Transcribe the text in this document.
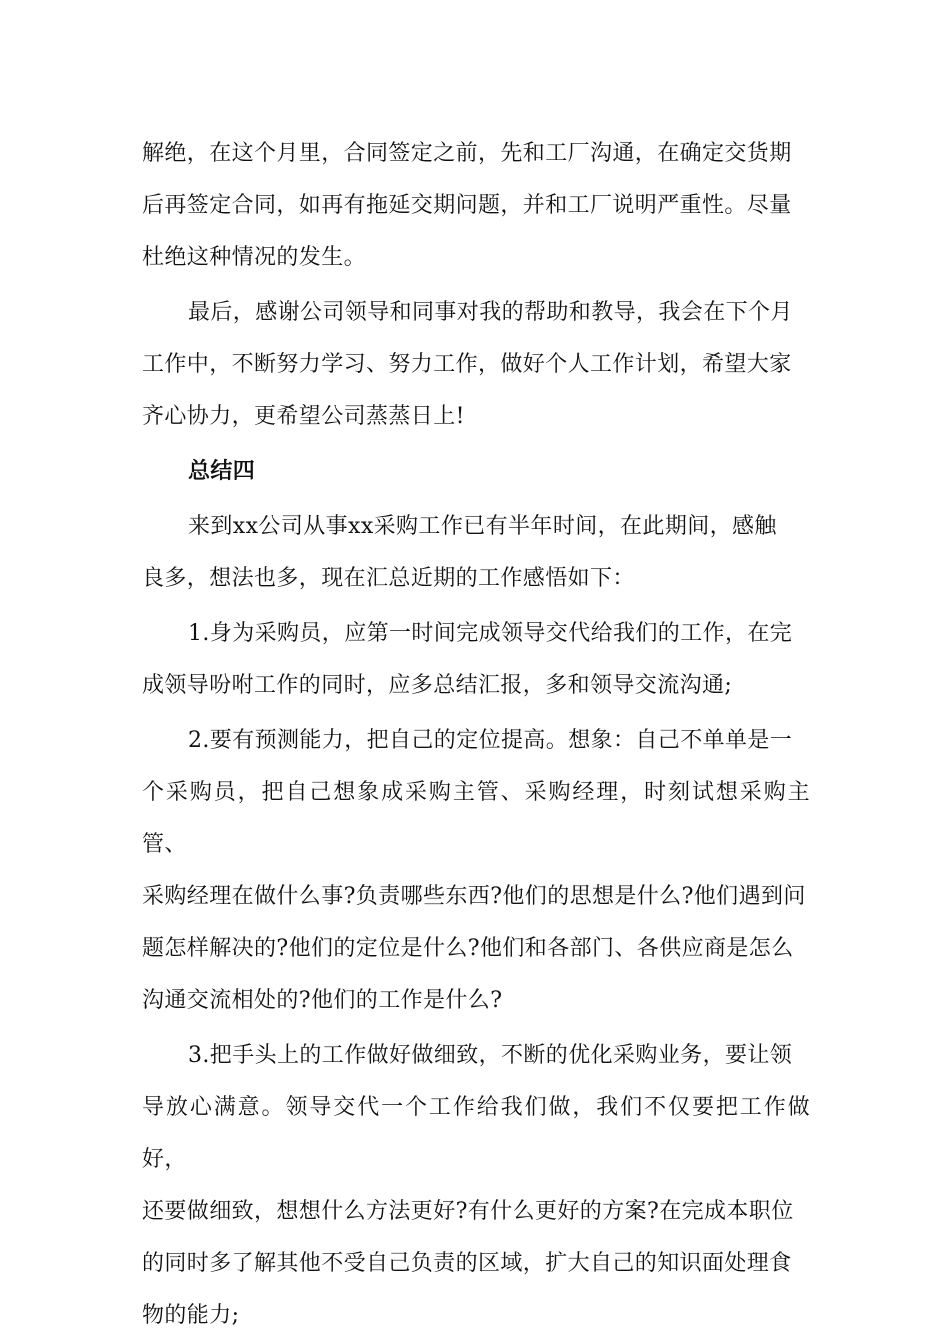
解绝，在这个月里，合同签定之前，先和工厂沟通，在确定交货期
后再签定合同，如再有拖延交期问题，并和工厂说明严重性。尽量
杜绝这种情况的发生。
最后，感谢公司领导和同事对我的帮助和教导，我会在下个月
工作中，不断努力学习、努力工作，做好个人工作计划，希望大家
齐心协力，更希望公司蒸蒸日上!
总结四
来到xx公司从事xx采购工作已有半年时间，在此期间，感触
良多，想法也多，现在汇总近期的工作感悟如下：
1.身为采购员，应第一时间完成领导交代给我们的工作，在完
成领导吩咐工作的同时，应多总结汇报，多和领导交流沟通;
2.要有预测能力，把自己的定位提高。想象：自己不单单是一
个采购员，把自己想象成采购主管、采购经理，时刻试想采购主管、
采购经理在做什么事?负责哪些东西?他们的思想是什么?他们遇到问
题怎样解决的?他们的定位是什么?他们和各部门、各供应商是怎么
沟通交流相处的?他们的工作是什么?
3.把手头上的工作做好做细致，不断的优化采购业务，要让领
导放心满意。领导交代一个工作给我们做，我们不仅要把工作做好，
还要做细致，想想什么方法更好?有什么更好的方案?在完成本职位
的同时多了解其他不受自己负责的区域，扩大自己的知识面处理食
物的能力;
